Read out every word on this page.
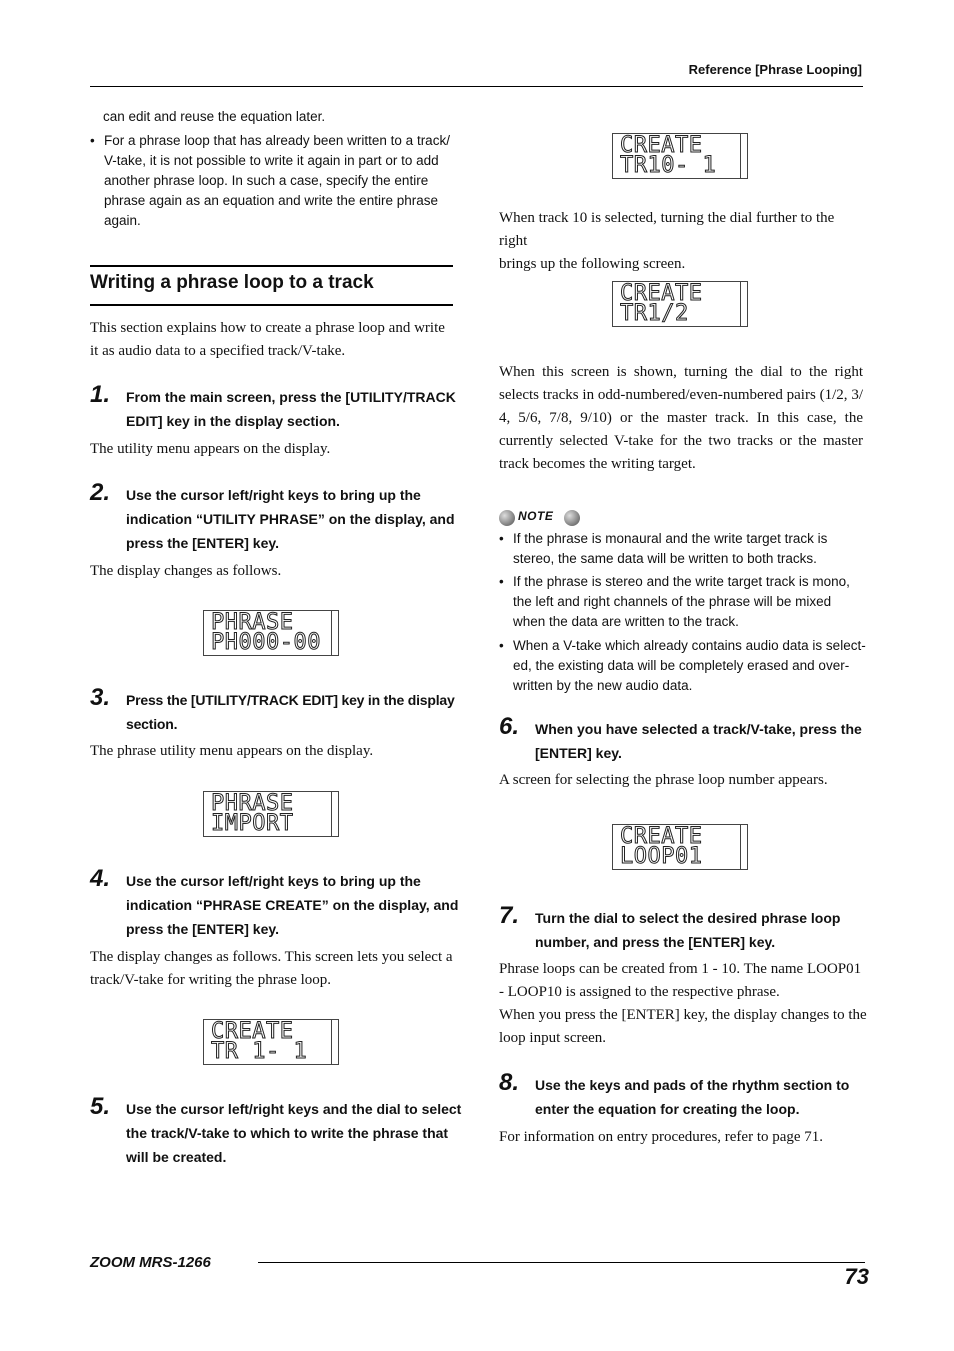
Reference [Phrase Looping]
can edit and reuse the equation later.
• For a phrase loop that has already been written to a track/
V-take, it is not possible to write it again in part or to add
another phrase loop. In such a case, specify the entire
phrase again as an equation and write the entire phrase
again.
Writing a phrase loop to a track
This section explains how to create a phrase loop and write
it as audio data to a specified track/V-take.
1. From the main screen, press the [UTILITY/TRACK
EDIT] key in the display section.
The utility menu appears on the display.
2. Use the cursor left/right keys to bring up the
indication “UTILITY PHRASE” on the display, and
press the [ENTER] key.
The display changes as follows.
PHRASE
PH000-00
3. Press the [UTILITY/TRACK EDIT] key in the display
section.
The phrase utility menu appears on the display.
PHRASE
IMPORT
4. Use the cursor left/right keys to bring up the
indication “PHRASE CREATE” on the display, and
press the [ENTER] key.
The display changes as follows. This screen lets you select a
track/V-take for writing the phrase loop.
CREATE
TR 1- 1
5. Use the cursor left/right keys and the dial to select
the track/V-take to which to write the phrase that
will be created.
CREATE
TR10- 1
When track 10 is selected, turning the dial further to the right
brings up the following screen.
CREATE
TR1/2
When this screen is shown, turning the dial to the right
selects tracks in odd-numbered/even-numbered pairs (1/2, 3/
4, 5/6, 7/8, 9/10) or the master track. In this case, the
currently selected V-take for the two tracks or the master
track becomes the writing target.
NOTE
• If the phrase is monaural and the write target track is
stereo, the same data will be written to both tracks.
• If the phrase is stereo and the write target track is mono,
the left and right channels of the phrase will be mixed
when the data are written to the track.
• When a V-take which already contains audio data is select-
ed, the existing data will be completely erased and over-
written by the new audio data.
6. When you have selected a track/V-take, press the
[ENTER] key.
A screen for selecting the phrase loop number appears.
CREATE
LOOP01
7. Turn the dial to select the desired phrase loop
number, and press the [ENTER] key.
Phrase loops can be created from 1 - 10. The name LOOP01
- LOOP10 is assigned to the respective phrase.
When you press the [ENTER] key, the display changes to the
loop input screen.
8. Use the keys and pads of the rhythm section to
enter the equation for creating the loop.
For information on entry procedures, refer to page 71.
ZOOM MRS-1266
73
